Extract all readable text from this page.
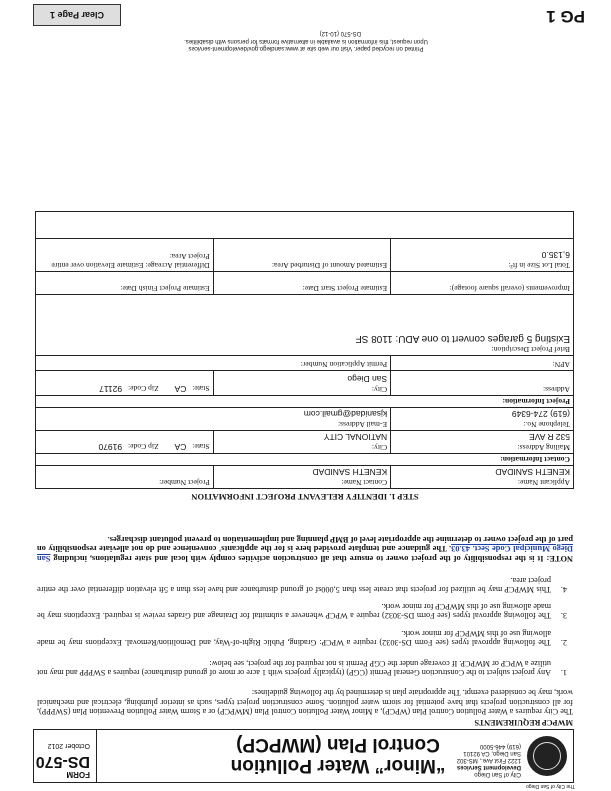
City of San Diego
Development Services
1222 First Ave., MS-302
San Diego, CA 92101
(619) 446-5000
“Minor” Water Pollution
Control Plan (MWPCP)
FORM
DS-570
October 2012
The City of San Diego
MWPCP REQUIREMENTS
The City requires a Water Pollution Control Plan (WPCP), a Minor Water Pollution Control Plan (MWPCP) or a Storm Water Pollution Prevention Plan (SWPPP), for all construction projects that have potential for storm water pollution. Some construction project types, such as interior plumbing, electrical and mechanical work, may be considered exempt. The appropriate plan is determined by the following guidelines:
1.
Any project subject to the Construction General Permit (CGP) (typically projects with 1 acre or more of ground disturbance) requires a SWPPP and may not utilize a WPCP or MWPCP. If coverage under the CGP Permit is not required for the project, see below:
2.
The following approval types (see Form DS-3032) require a WPCP: Grading, Public Right-of-Way, and Demolition/Removal. Exceptions may be made allowing use of this MWPCP for minor work.
3.
The following approval types (see Form DS-3032) require a WPCP whenever a submittal for Drainage and Grades review is required. Exceptions may be made allowing use of this MWPCP for minor work.
4.
This MWPCP may be utilized for projects that create less than 5,000sf of ground disturbance and have less than a 5ft elevation differential over the entire project area.
NOTE: It is the responsibility of the project owner to ensure that all construction activities comply with local and state regulations, including San Diego Municipal Code Sect. 43.03. The guidance and template provided here is for the applicants' convenience and do not alleviate responsibility on part of the project owner to determine the appropriate level of BMP planning and implementation to prevent pollutant discharges.
STEP 1. IDENTIFY RELEVANT PROJECT INFORMATION
Applicant Name:
KENETH SANIDAD	Contact Name:
KENETH SANIDAD	Project Number:

Contact Information:		

Mailing Address:
532 R AVE	City:
NATIONAL CITY	State: CA Zip Code: 91970

Telephone No.:
(619) 274-6349	E-mail Address:
kjsanidad@gmail.com	

Project Information:		

Address:	City:
San Diego	State: CA Zip Code: 92117

APN:	Permit Application Number:	

Brief Project Description:
Existing 5 garages convert to one ADU: 1108 SF		

Improvements (overall square footage):	Estimate Project Start Date:	Estimate Project Finish Date:

Total Lot Size in ft²:
6,135.0	Estimated Amount of Disturbed Area:	Differential Acreage: Estimate Elevation over entire Project Area:

Printed on recycled paper. Visit our web site at www.sandiego.gov/development-services
Upon request, this information is available in alternative formats for persons with disabilities.
DS-570 (10-12)
Clear Page 1	PG 1
